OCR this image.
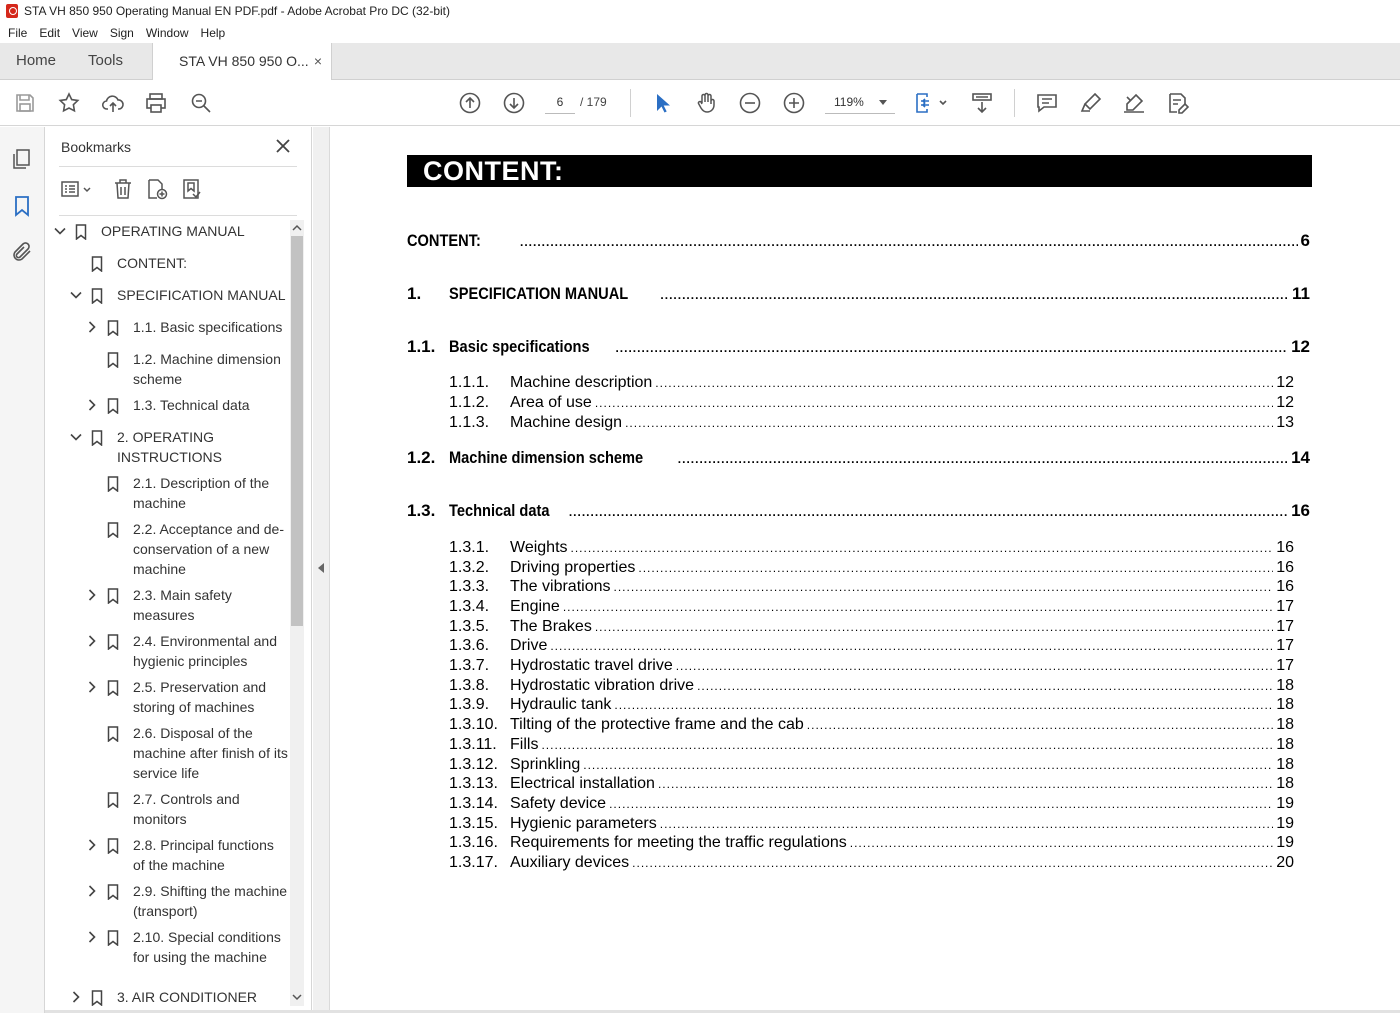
STA VH 850 950 Operating Manual EN PDF.pdf - Adobe Acrobat Pro DC (32-bit)
File	Edit	View	Sign	Window	Help
Home Tools	STA VH 850 950 O... ×
6
/ 179	119%
Bookmarks
OPERATING MANUAL
CONTENT:
SPECIFICATION MANUAL
1.1. Basic specifications
1.2. Machine dimension scheme
1.3. Technical data
2. OPERATING INSTRUCTIONS
2.1. Description of the machine
2.2. Acceptance and de-conservation of a new machine
2.3. Main safety measures
2.4. Environmental and hygienic principles
2.5. Preservation and storing of machines
2.6. Disposal of the machine after finish of its service life
2.7. Controls and monitors
2.8. Principal functions of the machine
2.9. Shifting the machine (transport)
2.10. Special conditions for using the machine
3. AIR CONDITIONER
CONTENT:
CONTENT: .....	6
1.	SPECIFICATION MANUAL .....	11
1.1. Basic specifications .....	12
1.1.1.	Machine description .....	12
1.1.2.	Area of use .....	12
1.1.3.	Machine design .....	13
1.2. Machine dimension scheme .....	14
1.3. Technical data .....	16
1.3.1.	Weights .....	16
1.3.2.	Driving properties .....	16
1.3.3.	The vibrations .....	16
1.3.4.	Engine .....	17
1.3.5.	The Brakes .....	17
1.3.6.	Drive .....	17
1.3.7.	Hydrostatic travel drive .....	17
1.3.8.	Hydrostatic vibration drive .....	18
1.3.9.	Hydraulic tank .....	18
1.3.10. Tilting of the protective frame and the cab .....	18
1.3.11. Fills .....	18
1.3.12. Sprinkling .....	18
1.3.13. Electrical installation .....	18
1.3.14. Safety device .....	19
1.3.15. Hygienic parameters .....	19
1.3.16. Requirements for meeting the traffic regulations .....	19
1.3.17. Auxiliary devices .....	20
